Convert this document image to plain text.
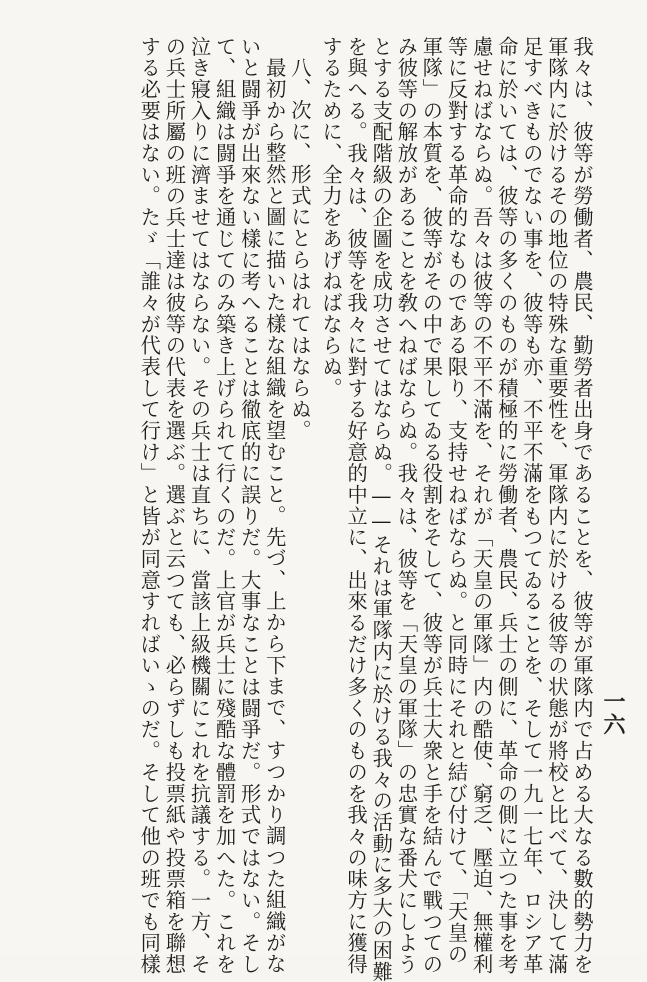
我々は、彼等が勞働者、農民、勤勞者出身であることを、彼等が軍隊内で占める大なる數的勢力を
軍隊内に於けるその地位の特殊な重要性を、軍隊内に於ける彼等の状態が將校と比べて、決して滿
足すべきものでない事を、彼等も亦、不平不滿をもつてゐることを、そして一九一七年、ロシア革
命に於いては、彼等の多くのものが積極的に勞働者、農民、兵士の側に、革命の側に立つた事を考
慮せねばならぬ。吾々は彼等の不平不滿を、それが「天皇の軍隊」内の酷使、窮乏、壓迫、無權利
等に反對する革命的なものである限り、支持せねばならぬ。と同時にそれと結び付けて、「天皇の
軍隊」の本質を、彼等がその中で果してゐる役割をそして、彼等が兵士大衆と手を結んで戰つての
み彼等の解放があることを敎へねばならぬ。我々は、彼等を「天皇の軍隊」の忠實な番犬にしよう
とする支配階級の企圖を成功させてはならぬ。——それは軍隊内に於ける我々の活動に多大の困難
を與へる。我々は、彼等を我々に對する好意的中立に、出來るだけ多くのものを我々の味方に獲得
するために、全力をあげねばならぬ。
八、次に、形式にとらはれてはならぬ。
最初から整然と圖に描いた樣な組織を望むこと。先づ、上から下まで、すつかり調つた組織がな
いと闘爭が出來ない樣に考へることは徹底的に誤りだ。大事なことは闘爭だ。形式ではない。そし
て、組織は闘爭を通じてのみ築き上げられて行くのだ。上官が兵士に殘酷な體罰を加へた。これを
泣き寢入りに濟ませてはならない。その兵士は直ちに、當該上級機關にこれを抗議する。一方、そ
の兵士所屬の班の兵士達は彼等の代表を選ぶ。選ぶと云つても、必らずしも投票紙や投票箱を聯想
する必要はない。たゞ「誰々が代表して行け」と皆が同意すればいゝのだ。そして他の班でも同樣	一六
